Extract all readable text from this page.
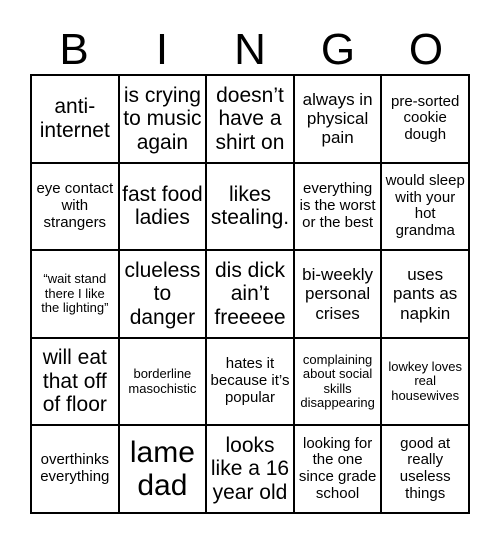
B	I	N	G	O
anti-internet
is crying to music again
doesn’t have a shirt on
always in physical pain
pre-sorted cookie dough
eye contact with strangers
fast food ladies
likes stealing.
everything is the worst or the best
would sleep with your hot grandma
“wait stand there I like the lighting”
clueless to danger
dis dick ain’t freeeee
bi-weekly personal crises
uses pants as napkin
will eat that off of floor
borderline masochistic
hates it because it’s popular
complaining about social skills disappearing
lowkey loves real housewives
overthinks everything
lame dad
looks like a 16 year old
looking for the one since grade school
good at really useless things
